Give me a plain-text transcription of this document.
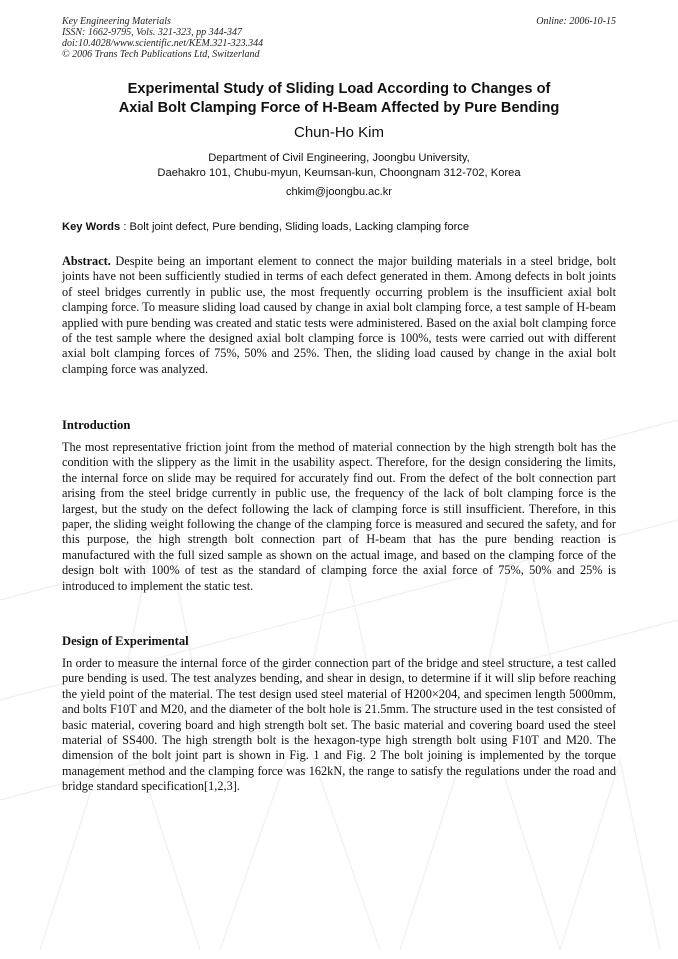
Key Engineering Materials
ISSN: 1662-9795, Vols. 321-323, pp 344-347
doi:10.4028/www.scientific.net/KEM.321-323.344
© 2006 Trans Tech Publications Ltd, Switzerland
Online: 2006-10-15
Experimental Study of Sliding Load According to Changes of
Axial Bolt Clamping Force of H-Beam Affected by Pure Bending
Chun-Ho Kim
Department of Civil Engineering, Joongbu University,
Daehakro 101, Chubu-myun, Keumsan-kun, Choongnam 312-702, Korea
chkim@joongbu.ac.kr
Key Words : Bolt joint defect, Pure bending, Sliding loads, Lacking clamping force
Abstract. Despite being an important element to connect the major building materials in a steel bridge, bolt joints have not been sufficiently studied in terms of each defect generated in them. Among defects in bolt joints of steel bridges currently in public use, the most frequently occurring problem is the insufficient axial bolt clamping force. To measure sliding load caused by change in axial bolt clamping force, a test sample of H-beam applied with pure bending was created and static tests were administered. Based on the axial bolt clamping force of the test sample where the designed axial bolt clamping force is 100%, tests were carried out with different axial bolt clamping forces of 75%, 50% and 25%. Then, the sliding load caused by change in the axial bolt clamping force was analyzed.
Introduction
The most representative friction joint from the method of material connection by the high strength bolt has the condition with the slippery as the limit in the usability aspect. Therefore, for the design considering the limits, the internal force on slide may be required for accurately find out. From the defect of the bolt connection part arising from the steel bridge currently in public use, the frequency of the lack of bolt clamping force is the largest, but the study on the defect following the lack of clamping force is still insufficient. Therefore, in this paper, the sliding weight following the change of the clamping force is measured and secured the safety, and for this purpose, the high strength bolt connection part of H-beam that has the pure bending reaction is manufactured with the full sized sample as shown on the actual image, and based on the clamping force of the design bolt with 100% of test as the standard of clamping force the axial force of 75%, 50% and 25% is introduced to implement the static test.
Design of Experimental
In order to measure the internal force of the girder connection part of the bridge and steel structure, a test called pure bending is used. The test analyzes bending, and shear in design, to determine if it will slip before reaching the yield point of the material. The test design used steel material of H200×204, and specimen length 5000mm, and bolts F10T and M20, and the diameter of the bolt hole is 21.5mm. The structure used in the test consisted of basic material, covering board and high strength bolt set. The basic material and covering board used the steel material of SS400. The high strength bolt is the hexagon-type high strength bolt using F10T and M20. The dimension of the bolt joint part is shown in Fig. 1 and Fig. 2 The bolt joining is implemented by the torque management method and the clamping force was 162kN, the range to satisfy the regulations under the road and bridge standard specification[1,2,3].
